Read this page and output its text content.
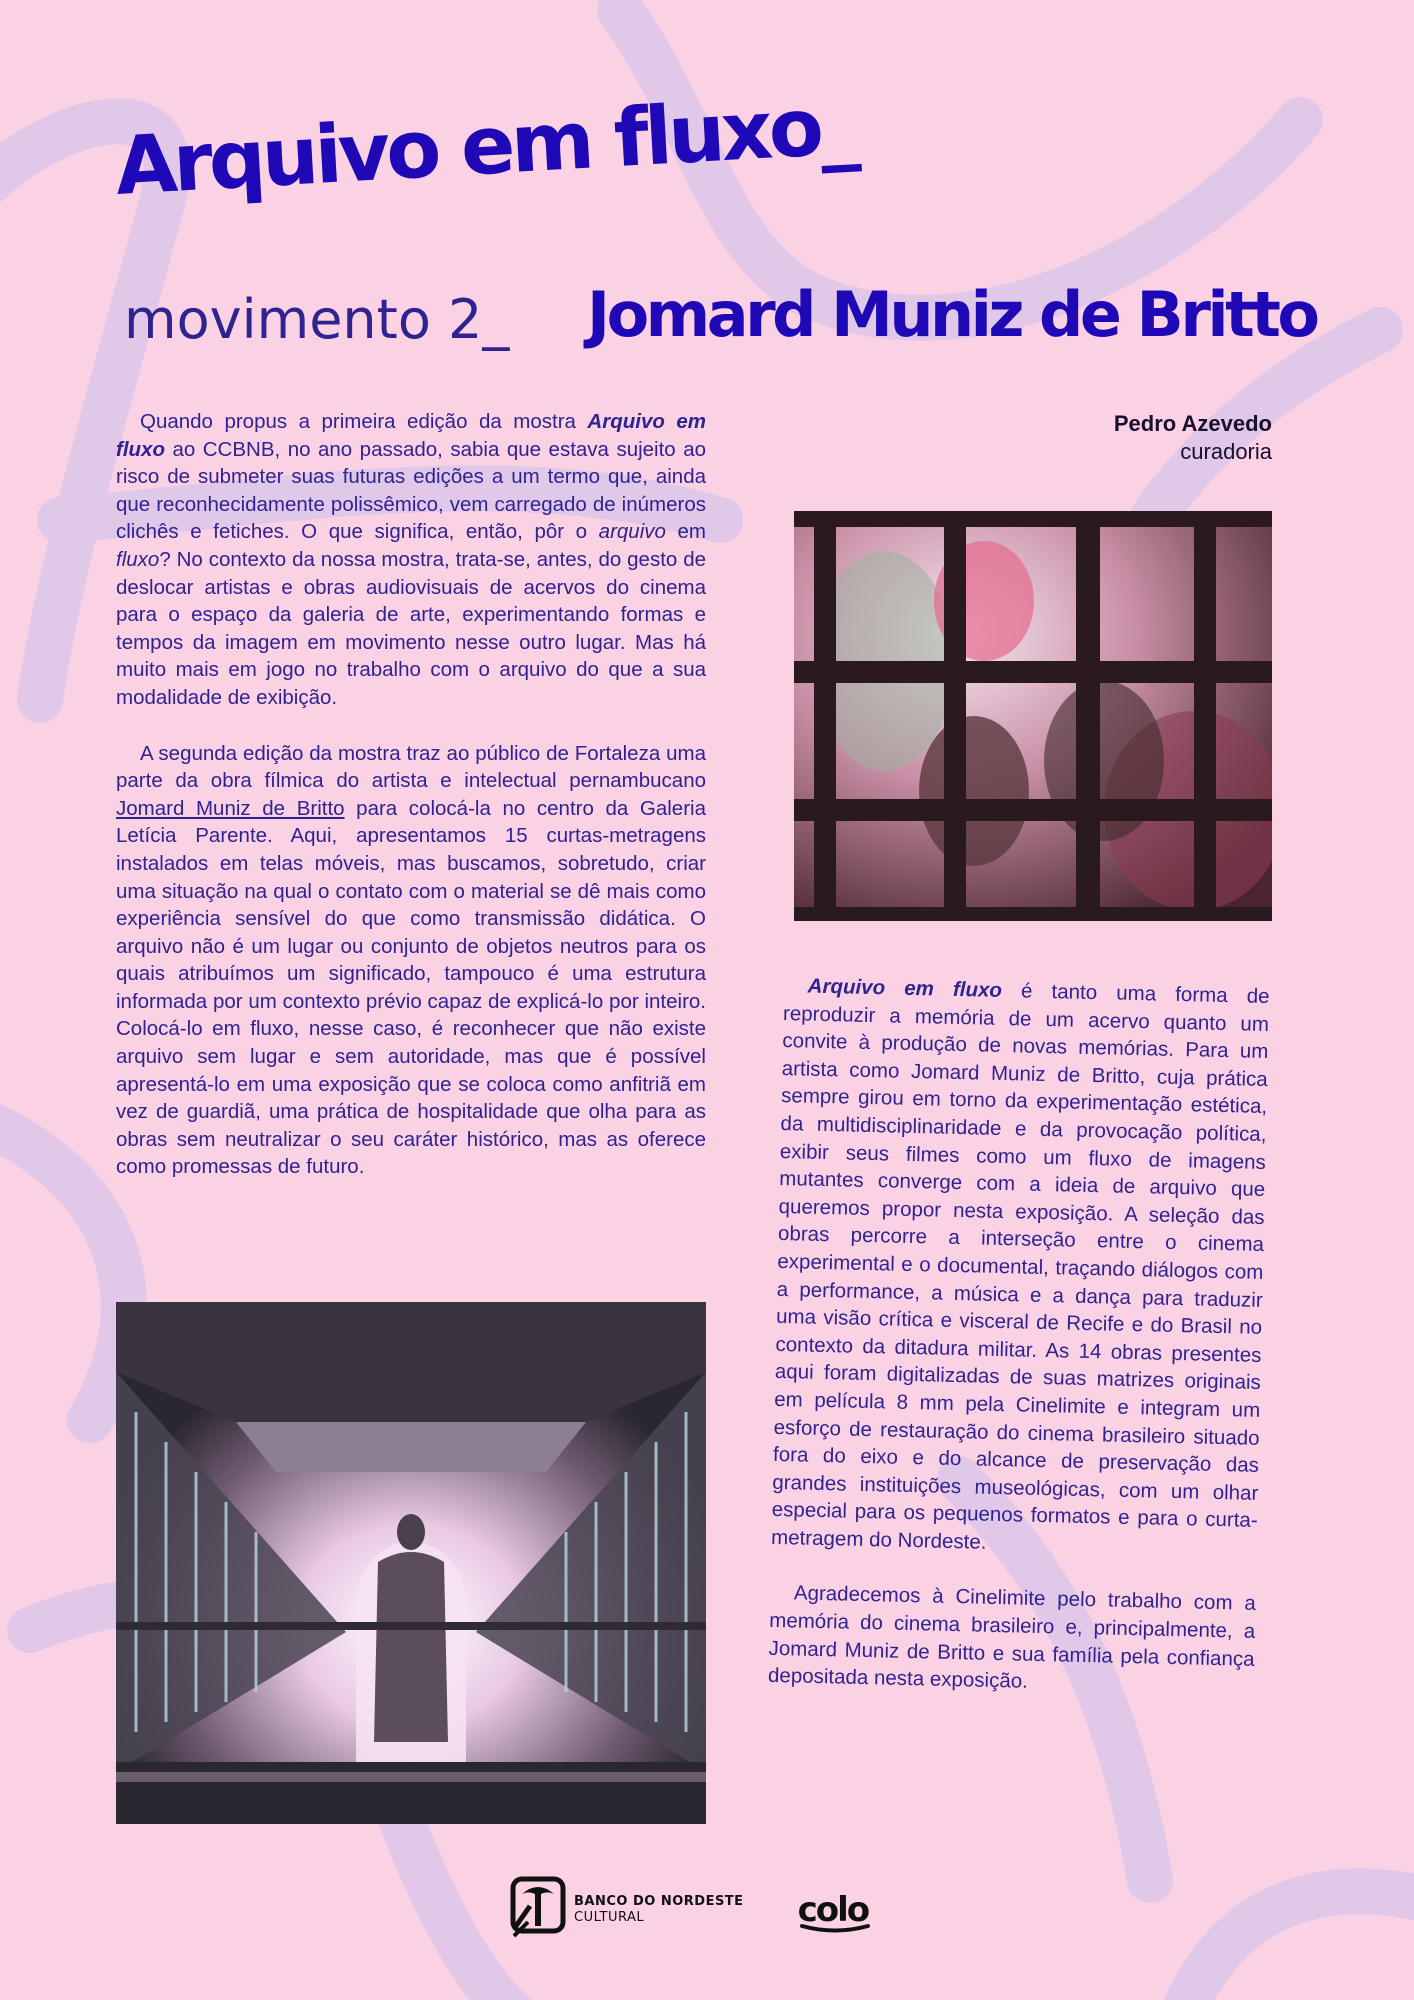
Arquivo em fluxo_
movimento 2_ Jomard Muniz de Britto
Pedro Azevedo
curadoria

Quando propus a primeira edição da mostra Arquivo em fluxo ao CCBNB, no ano passado, sabia que estava sujeito ao risco de submeter suas futuras edições a um termo que, ainda que reconhecidamente polissêmico, vem carregado de inúmeros clichês e fetiches. O que significa, então, pôr o arquivo em fluxo? No contexto da nossa mostra, trata-se, antes, do gesto de deslocar artistas e obras audiovisuais de acervos do cinema para o espaço da galeria de arte, experimentando formas e tempos da imagem em movimento nesse outro lugar. Mas há muito mais em jogo no trabalho com o arquivo do que a sua modalidade de exibição.

A segunda edição da mostra traz ao público de Fortaleza uma parte da obra fílmica do artista e intelectual pernambucano Jomard Muniz de Britto para colocá-la no centro da Galeria Letícia Parente. Aqui, apresentamos 15 curtas-metragens instalados em telas móveis, mas buscamos, sobretudo, criar uma situação na qual o contato com o material se dê mais como experiência sensível do que como transmissão didática. O arquivo não é um lugar ou conjunto de objetos neutros para os quais atribuímos um significado, tampouco é uma estrutura informada por um contexto prévio capaz de explicá-lo por inteiro. Colocá-lo em fluxo, nesse caso, é reconhecer que não existe arquivo sem lugar e sem autoridade, mas que é possível apresentá-lo em uma exposição que se coloca como anfitriã em vez de guardiã, uma prática de hospitalidade que olha para as obras sem neutralizar o seu caráter histórico, mas as oferece como promessas de futuro.

Arquivo em fluxo é tanto uma forma de reproduzir a memória de um acervo quanto um convite à produção de novas memórias. Para um artista como Jomard Muniz de Britto, cuja prática sempre girou em torno da experimentação estética, da multidisciplinaridade e da provocação política, exibir seus filmes como um fluxo de imagens mutantes converge com a ideia de arquivo que queremos propor nesta exposição. A seleção das obras percorre a interseção entre o cinema experimental e o documental, traçando diálogos com a performance, a música e a dança para traduzir uma visão crítica e visceral de Recife e do Brasil no contexto da ditadura militar. As 14 obras presentes aqui foram digitalizadas de suas matrizes originais em película 8 mm pela Cinelimite e integram um esforço de restauração do cinema brasileiro situado fora do eixo e do alcance de preservação das grandes instituições museológicas, com um olhar especial para os pequenos formatos e para o curta-metragem do Nordeste.

Agradecemos à Cinelimite pelo trabalho com a memória do cinema brasileiro e, principalmente, a Jomard Muniz de Britto e sua família pela confiança depositada nesta exposição.

BANCO DO NORDESTE
CULTURAL	colo
